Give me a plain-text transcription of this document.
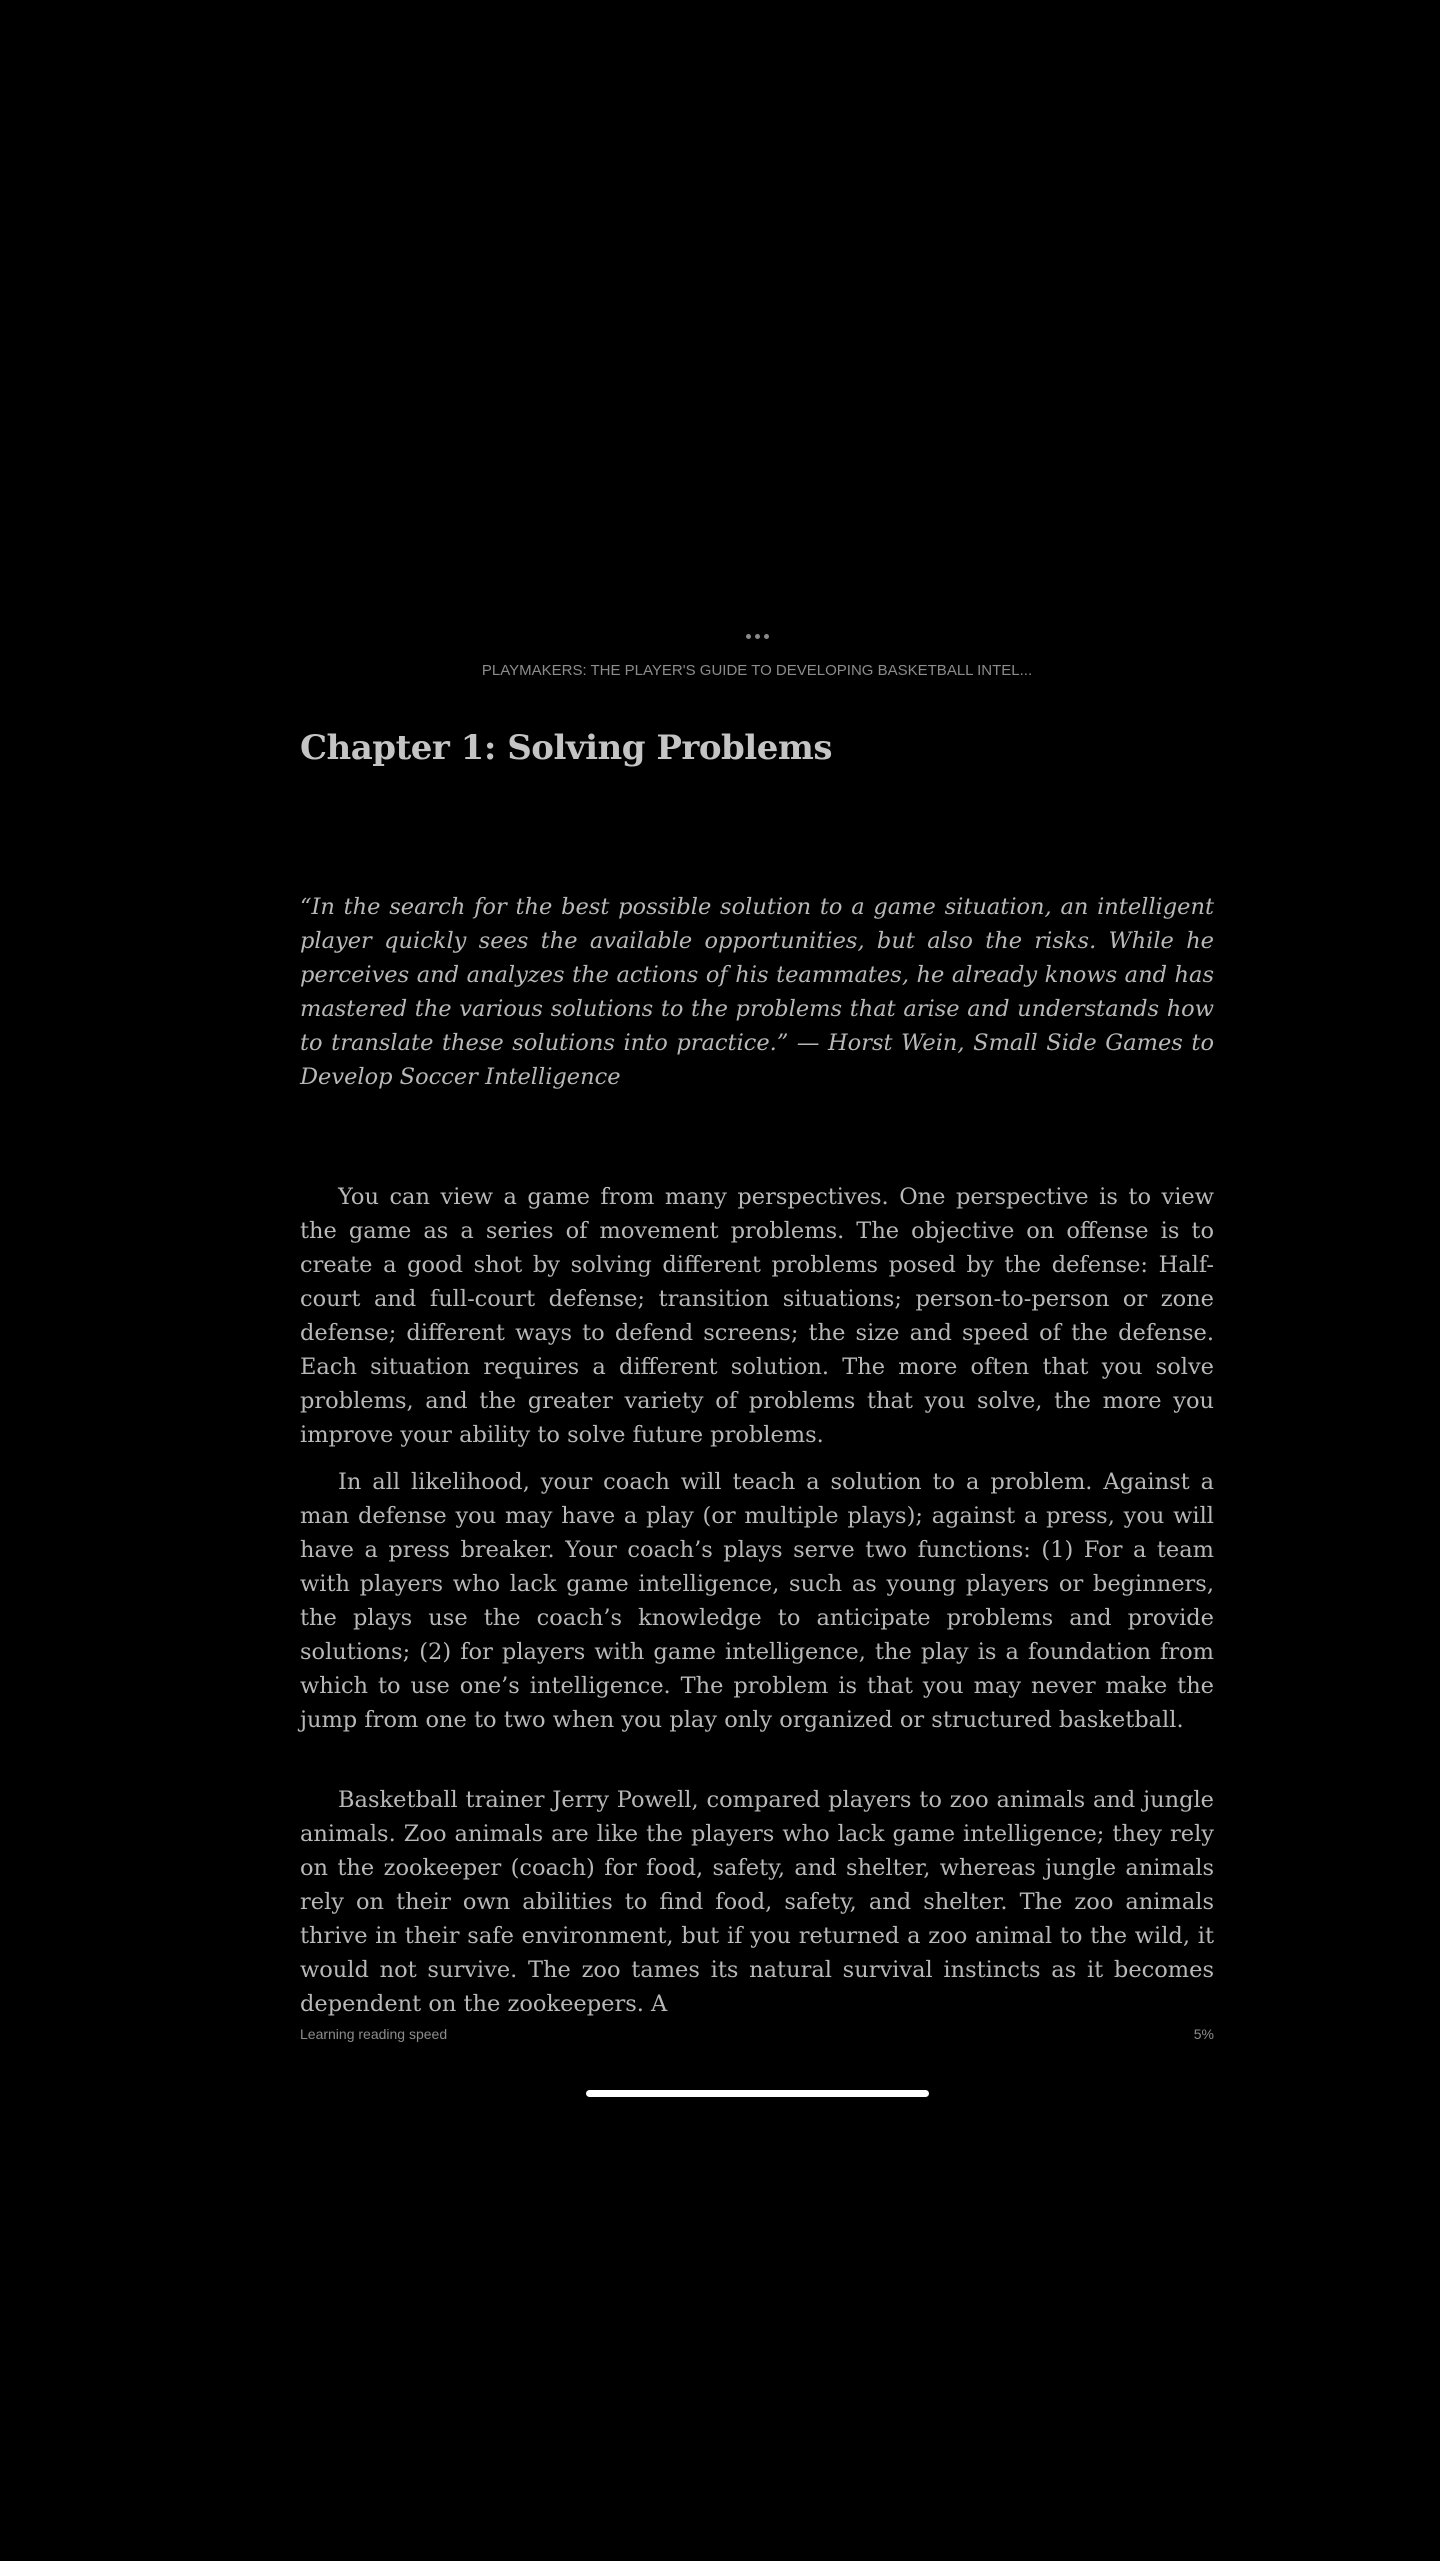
PLAYMAKERS: THE PLAYER'S GUIDE TO DEVELOPING BASKETBALL INTEL...
Chapter 1: Solving Problems

“In the search for the best possible solution to a game situation, an intelligent player quickly sees the available opportunities, but also the risks. While he perceives and analyzes the actions of his teammates, he already knows and has mastered the various solutions to the problems that arise and understands how to translate these solutions into practice.” — Horst Wein, Small Side Games to Develop Soccer Intelligence

You can view a game from many perspectives. One perspective is to view the game as a series of movement problems. The objective on offense is to create a good shot by solving different problems posed by the defense: Half-court and full-court defense; transition situations; person-to-person or zone defense; different ways to defend screens; the size and speed of the defense. Each situation requires a different solution. The more often that you solve problems, and the greater variety of problems that you solve, the more you improve your ability to solve future problems.

In all likelihood, your coach will teach a solution to a problem. Against a man defense you may have a play (or multiple plays); against a press, you will have a press breaker. Your coach’s plays serve two functions: (1) For a team with players who lack game intelligence, such as young players or beginners, the plays use the coach’s knowledge to anticipate problems and provide solutions; (2) for players with game intelligence, the play is a foundation from which to use one’s intelligence. The problem is that you may never make the jump from one to two when you play only organized or structured basketball.

Basketball trainer Jerry Powell, compared players to zoo animals and jungle animals. Zoo animals are like the players who lack game intelligence; they rely on the zookeeper (coach) for food, safety, and shelter, whereas jungle animals rely on their own abilities to find food, safety, and shelter. The zoo animals thrive in their safe environment, but if you returned a zoo animal to the wild, it would not survive. The zoo tames its natural survival instincts as it becomes dependent on the zookeepers. A

Learning reading speed	5%
